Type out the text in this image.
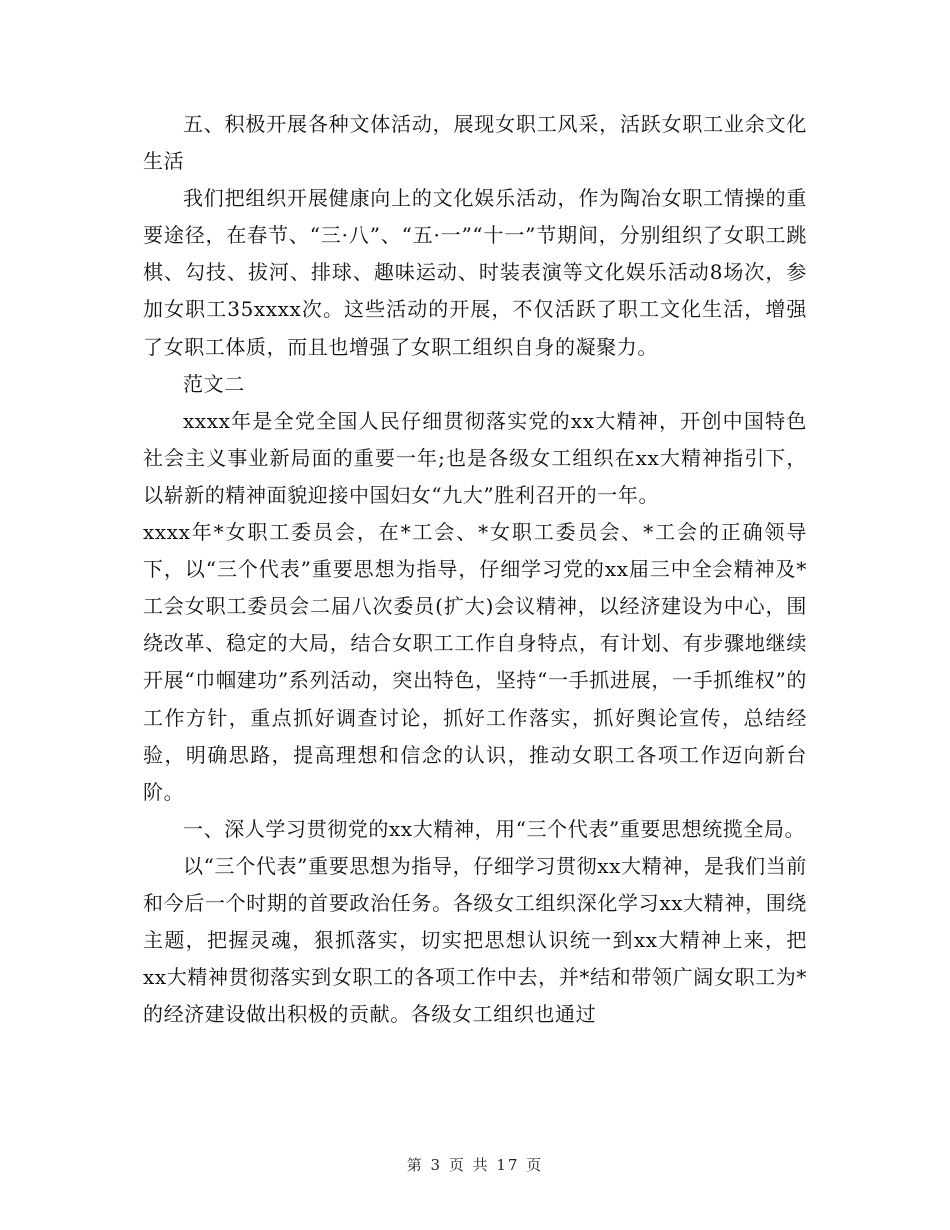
五、积极开展各种文体活动，展现女职工风采，活跃女职工业余文化生活

我们把组织开展健康向上的文化娱乐活动，作为陶冶女职工情操的重要途径，在春节、“三·八”、“五·一”“十一”节期间，分别组织了女职工跳棋、勾技、拔河、排球、趣味运动、时装表演等文化娱乐活动8场次，参加女职工35xxxx次。这些活动的开展，不仅活跃了职工文化生活，增强了女职工体质，而且也增强了女职工组织自身的凝聚力。

范文二

xxxx年是全党全国人民仔细贯彻落实党的xx大精神，开创中国特色社会主义事业新局面的重要一年;也是各级女工组织在xx大精神指引下，以崭新的精神面貌迎接中国妇女“九大”胜利召开的一年。

xxxx年*女职工委员会，在*工会、*女职工委员会、*工会的正确领导下，以“三个代表”重要思想为指导，仔细学习党的xx届三中全会精神及*工会女职工委员会二届八次委员(扩大)会议精神，以经济建设为中心，围绕改革、稳定的大局，结合女职工工作自身特点，有计划、有步骤地继续开展“巾帼建功”系列活动，突出特色，坚持“一手抓进展，一手抓维权”的工作方针，重点抓好调查讨论，抓好工作落实，抓好舆论宣传，总结经验，明确思路，提高理想和信念的认识，推动女职工各项工作迈向新台阶。

一、深人学习贯彻党的xx大精神，用“三个代表”重要思想统揽全局。

以“三个代表”重要思想为指导，仔细学习贯彻xx大精神，是我们当前和今后一个时期的首要政治任务。各级女工组织深化学习xx大精神，围绕主题，把握灵魂，狠抓落实，切实把思想认识统一到xx大精神上来，把xx大精神贯彻落实到女职工的各项工作中去，并*结和带领广阔女职工为*的经济建设做出积极的贡献。各级女工组织也通过

第 3 页 共 17 页
